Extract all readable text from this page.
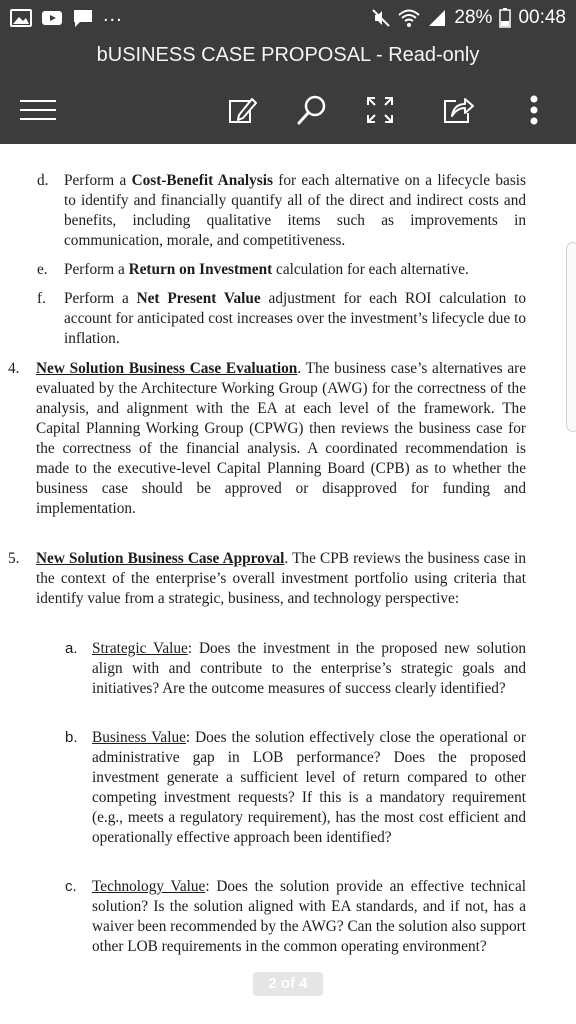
...	28% 00:48
bUSINESS CASE PROPOSAL - Read-only
d. Perform a Cost-Benefit Analysis for each alternative on a lifecycle basis to identify and financially quantify all of the direct and indirect costs and benefits, including qualitative items such as improvements in communication, morale, and competitiveness.
e. Perform a Return on Investment calculation for each alternative.
f. Perform a Net Present Value adjustment for each ROI calculation to account for anticipated cost increases over the investment’s lifecycle due to inflation.
4. New Solution Business Case Evaluation. The business case’s alternatives are evaluated by the Architecture Working Group (AWG) for the correctness of the analysis, and alignment with the EA at each level of the framework. The Capital Planning Working Group (CPWG) then reviews the business case for the correctness of the financial analysis. A coordinated recommendation is made to the executive-level Capital Planning Board (CPB) as to whether the business case should be approved or disapproved for funding and implementation.
5. New Solution Business Case Approval. The CPB reviews the business case in the context of the enterprise’s overall investment portfolio using criteria that identify value from a strategic, business, and technology perspective:
a. Strategic Value: Does the investment in the proposed new solution align with and contribute to the enterprise’s strategic goals and initiatives? Are the outcome measures of success clearly identified?
b. Business Value: Does the solution effectively close the operational or administrative gap in LOB performance? Does the proposed investment generate a sufficient level of return compared to other competing investment requests? If this is a mandatory requirement (e.g., meets a regulatory requirement), has the most cost efficient and operationally effective approach been identified?
c. Technology Value: Does the solution provide an effective technical solution? Is the solution aligned with EA standards, and if not, has a waiver been recommended by the AWG? Can the solution also support other LOB requirements in the common operating environment?
2 of 4
